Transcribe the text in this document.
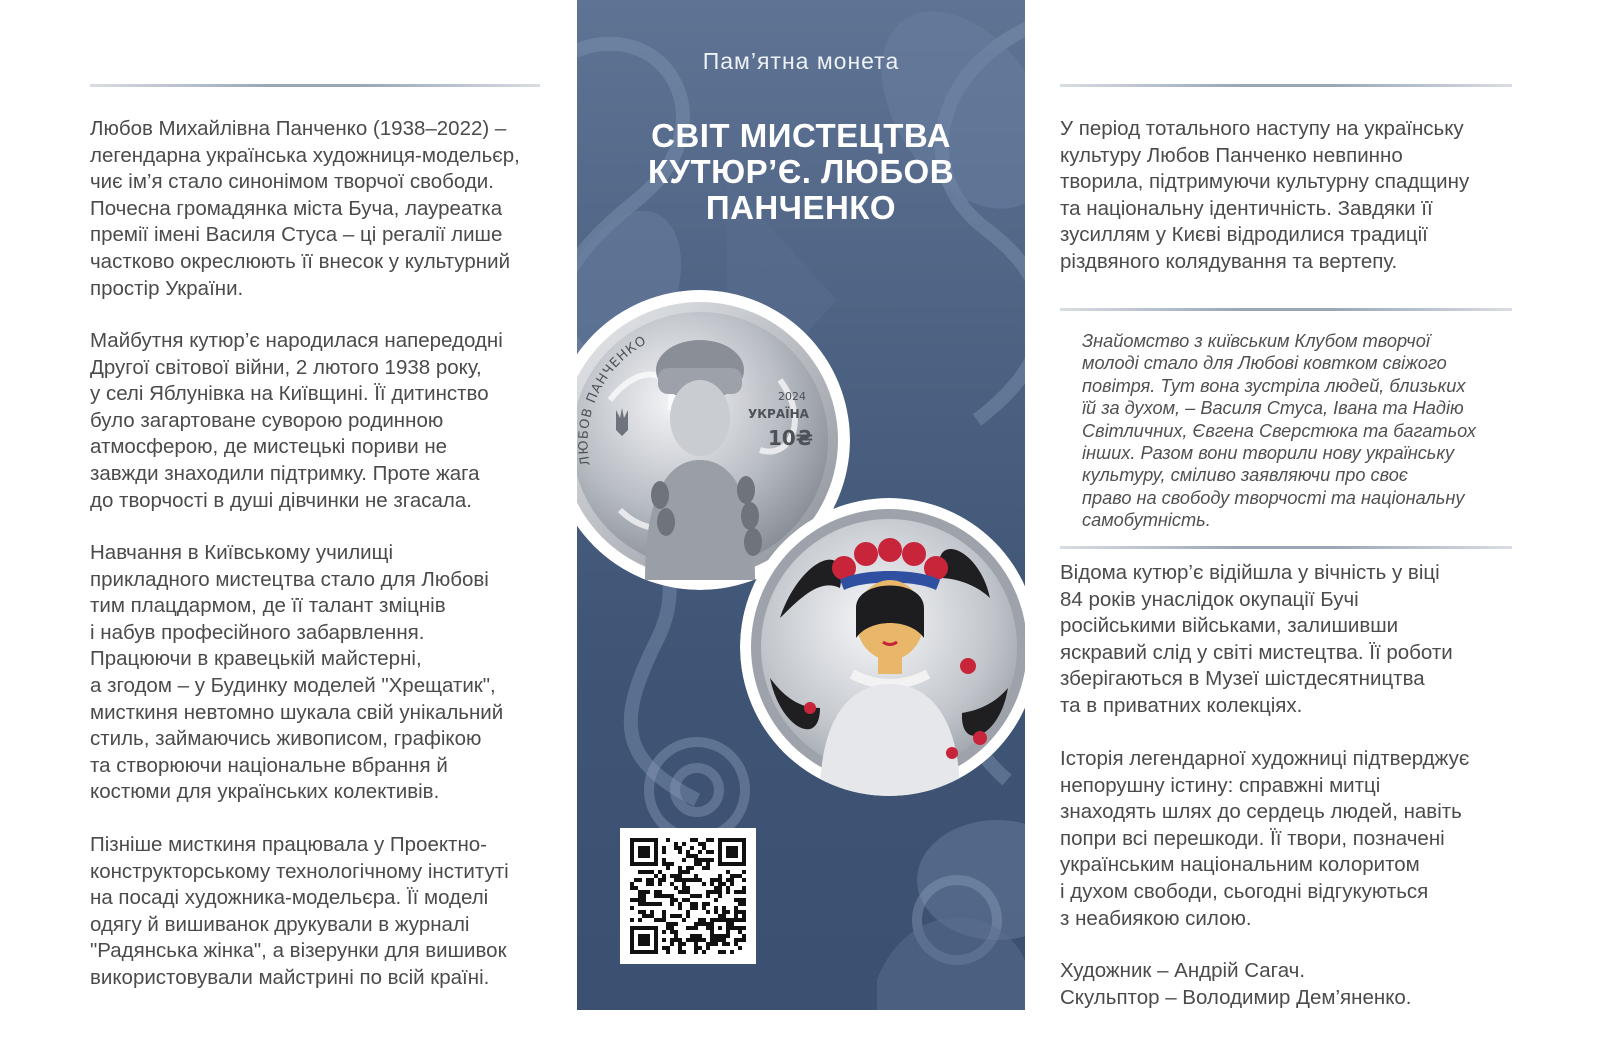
Любов Михайлівна Панченко (1938–2022) –
легендарна українська художниця-модельєр,
чиє ім’я стало синонімом творчої свободи.
Почесна громадянка міста Буча, лауреатка
премії імені Василя Стуса – ці регалії лише
частково окреслюють її внесок у культурний
простір України.

Майбутня кутюр’є народилася напередодні
Другої світової війни, 2 лютого 1938 року,
у селі Яблунівка на Київщині. Її дитинство
було загартоване суворою родинною
атмосферою, де мистецькі пориви не
завжди знаходили підтримку. Проте жага
до творчості в душі дівчинки не згасала.

Навчання в Київському училищі
прикладного мистецтва стало для Любові
тим плацдармом, де її талант зміцнів
і набув професійного забарвлення.
Працюючи в кравецькій майстерні,
а згодом – у Будинку моделей "Хрещатик",
мисткиня невтомно шукала свій унікальний
стиль, займаючись живописом, графікою
та створюючи національне вбрання й
костюми для українських колективів.

Пізніше мисткиня працювала у Проектно-
конструкторському технологічному інституті
на посаді художника-модельєра. Її моделі
одягу й вишиванок друкували в журналі
"Радянська жінка", а візерунки для вишивок
використовували майстрині по всій країні.

Пам’ятна монета
СВІТ МИСТЕЦТВА
КУТЮР’Є. ЛЮБОВ
ПАНЧЕНКО
ЛЮБОВ ПАНЧЕНКО
2024
УКРАЇНА
10₴

У період тотального наступу на українську
культуру Любов Панченко невпинно
творила, підтримуючи культурну спадщину
та національну ідентичність. Завдяки її
зусиллям у Києві відродилися традиції
різдвяного колядування та вертепу.

Знайомство з київським Клубом творчої
молоді стало для Любові ковтком свіжого
повітря. Тут вона зустріла людей, близьких
їй за духом, – Василя Стуса, Івана та Надію
Світличних, Євгена Сверстюка та багатьох
інших. Разом вони творили нову українську
культуру, сміливо заявляючи про своє
право на свободу творчості та національну
самобутність.

Відома кутюр’є відійшла у вічність у віці
84 років унаслідок окупації Бучі
російськими військами, залишивши
яскравий слід у світі мистецтва. Її роботи
зберігаються в Музеї шістдесятництва
та в приватних колекціях.

Історія легендарної художниці підтверджує
непорушну істину: справжні митці
знаходять шлях до сердець людей, навіть
попри всі перешкоди. Її твори, позначені
українським національним колоритом
і духом свободи, сьогодні відгукуються
з неабиякою силою.

Художник – Андрій Сагач.

Скульптор – Володимир Дем’яненко.
